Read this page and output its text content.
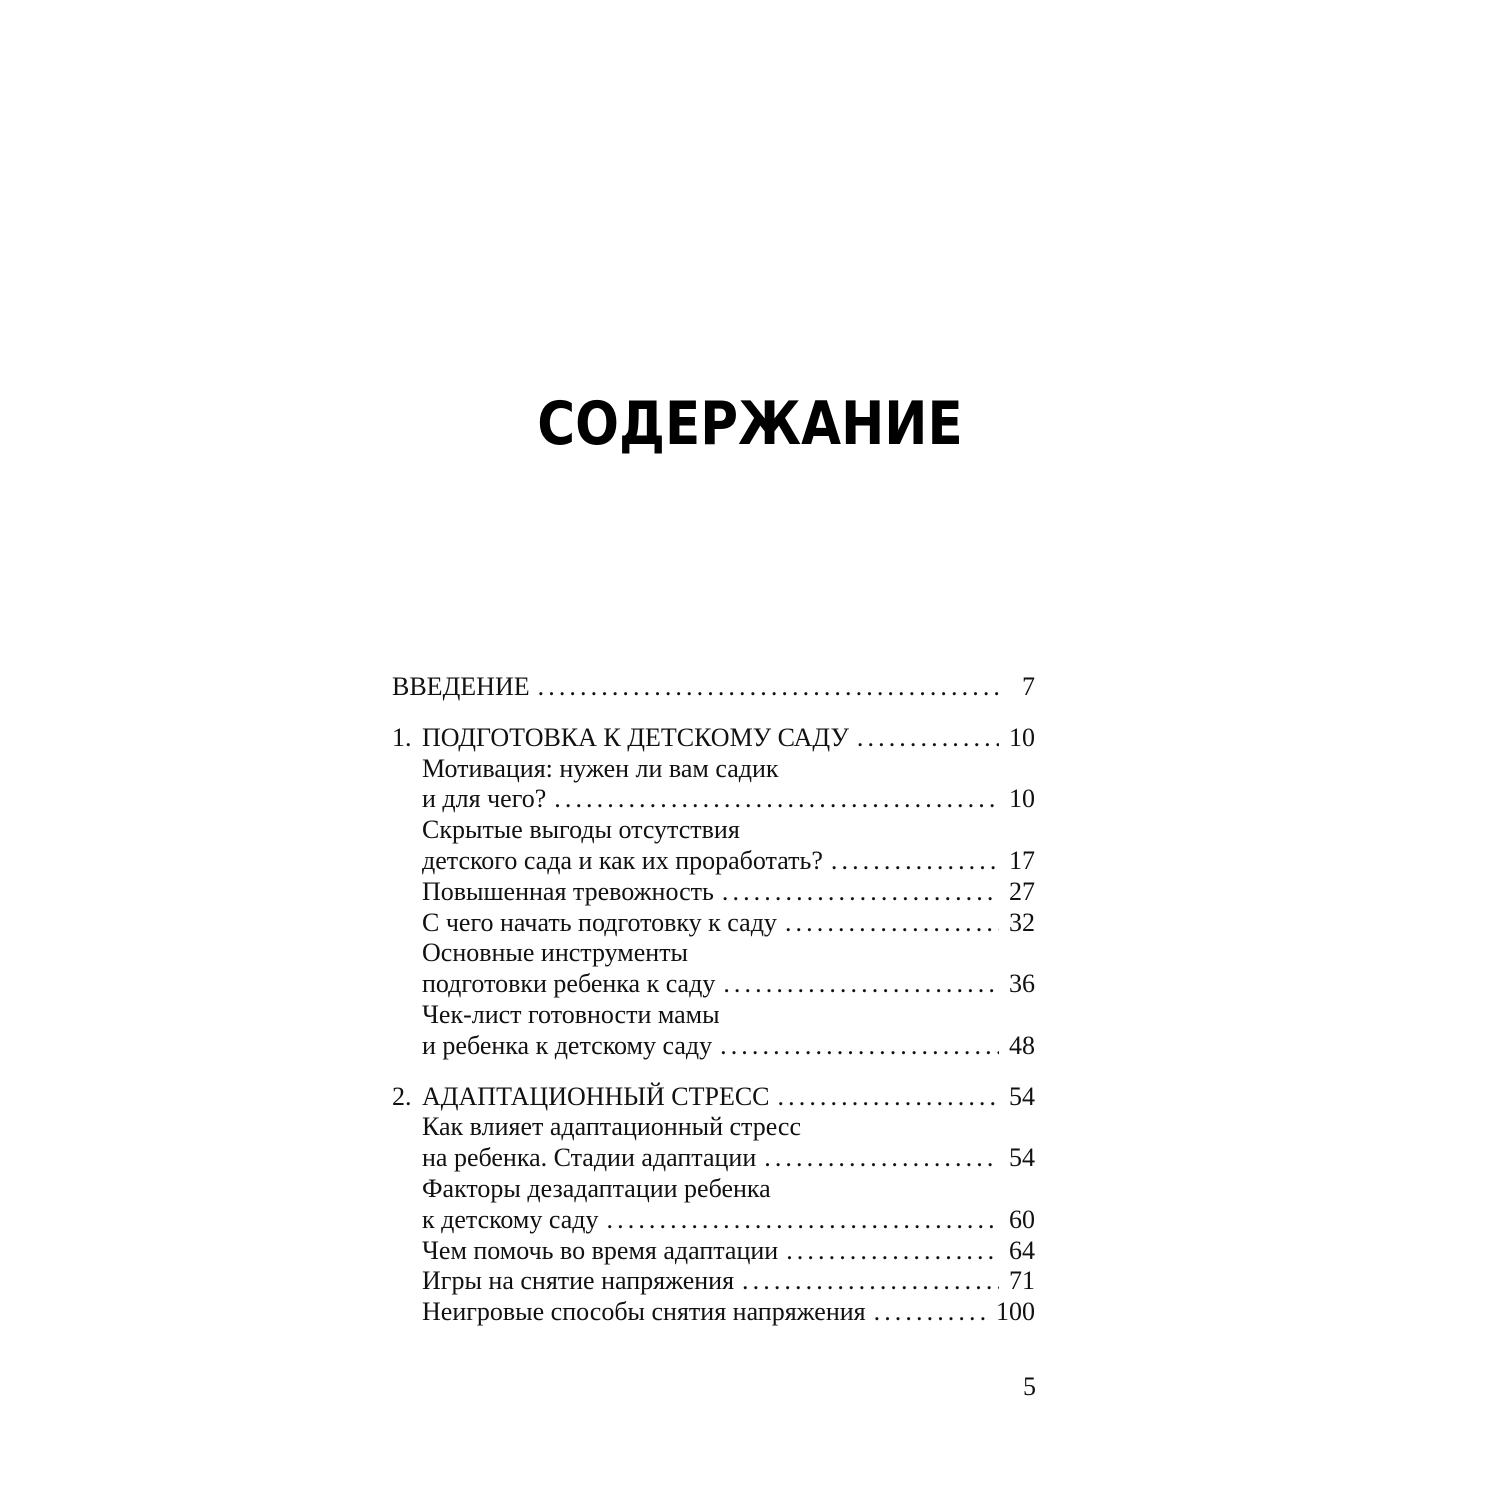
СОДЕРЖАНИЕ
ВВЕДЕНИЕ . . .	7
1. ПОДГОТОВКА К ДЕТСКОМУ САДУ . . .	10
Мотивация: нужен ли вам садик
и для чего? . . .	10
Скрытые выгоды отсутствия
детского сада и как их проработать? . . .	17
Повышенная тревожность . . .	27
С чего начать подготовку к саду . . .	32
Основные инструменты
подготовки ребенка к саду . . .	36
Чек-лист готовности мамы
и ребенка к детскому саду . . .	48
2. АДАПТАЦИОННЫЙ СТРЕСС . . .	54
Как влияет адаптационный стресс
на ребенка. Стадии адаптации . . .	54
Факторы дезадаптации ребенка
к детскому саду . . .	60
Чем помочь во время адаптации . . .	64
Игры на снятие напряжения . . .	71
Неигровые способы снятия напряжения . . .	100
5
